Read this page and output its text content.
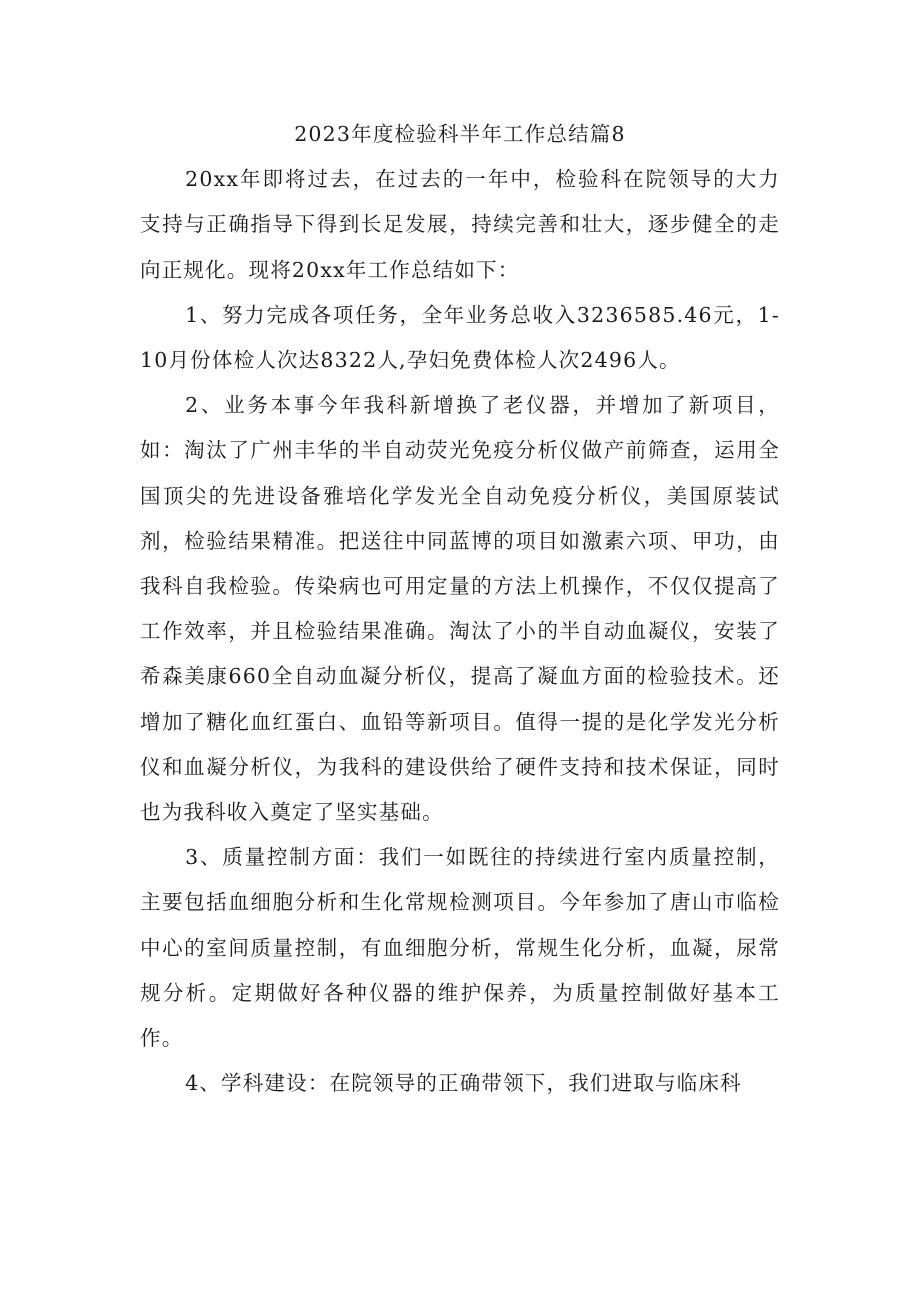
2023年度检验科半年工作总结篇8

20xx年即将过去，在过去的一年中，检验科在院领导的大力支持与正确指导下得到长足发展，持续完善和壮大，逐步健全的走向正规化。现将20xx年工作总结如下：

1、努力完成各项任务，全年业务总收入3236585.46元，1-10月份体检人次达8322人,孕妇免费体检人次2496人。

2、业务本事今年我科新增换了老仪器，并增加了新项目，如：淘汰了广州丰华的半自动荧光免疫分析仪做产前筛查，运用全国顶尖的先进设备雅培化学发光全自动免疫分析仪，美国原装试剂，检验结果精准。把送往中同蓝博的项目如激素六项、甲功，由我科自我检验。传染病也可用定量的方法上机操作，不仅仅提高了工作效率，并且检验结果准确。淘汰了小的半自动血凝仪，安装了希森美康660全自动血凝分析仪，提高了凝血方面的检验技术。还增加了糖化血红蛋白、血铅等新项目。值得一提的是化学发光分析仪和血凝分析仪，为我科的建设供给了硬件支持和技术保证，同时也为我科收入奠定了坚实基础。

3、质量控制方面：我们一如既往的持续进行室内质量控制，主要包括血细胞分析和生化常规检测项目。今年参加了唐山市临检中心的室间质量控制，有血细胞分析，常规生化分析，血凝，尿常规分析。定期做好各种仪器的维护保养，为质量控制做好基本工作。

4、学科建设：在院领导的正确带领下，我们进取与临床科
